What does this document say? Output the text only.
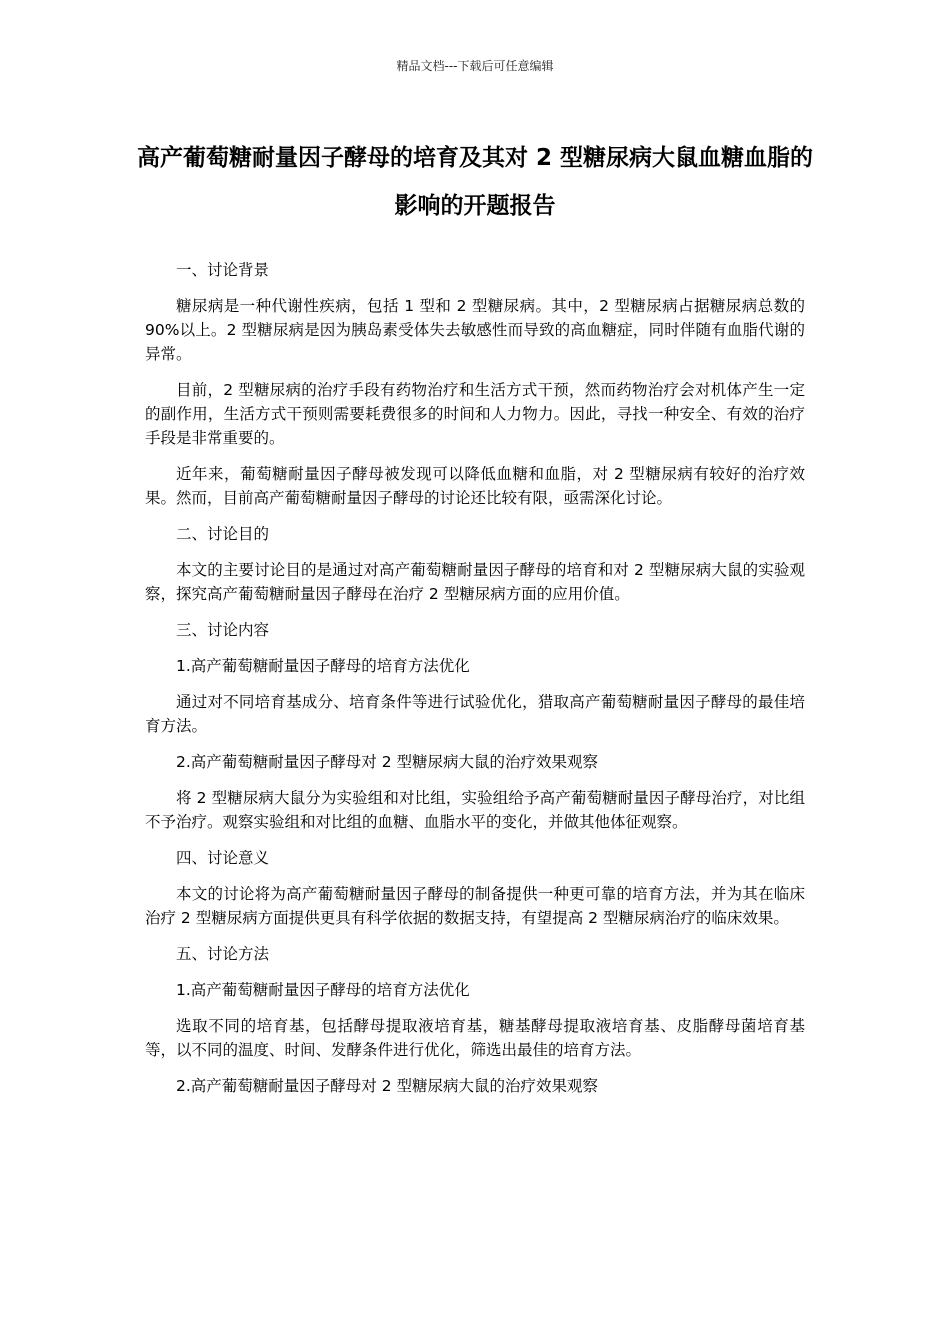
精品文档---下载后可任意编辑
高产葡萄糖耐量因子酵母的培育及其对 2 型糖尿病大鼠血糖血脂的影响的开题报告

一、讨论背景

糖尿病是一种代谢性疾病，包括 1 型和 2 型糖尿病。其中，2 型糖尿病占据糖尿病总数的 90%以上。2 型糖尿病是因为胰岛素受体失去敏感性而导致的高血糖症，同时伴随有血脂代谢的异常。

目前，2 型糖尿病的治疗手段有药物治疗和生活方式干预，然而药物治疗会对机体产生一定的副作用，生活方式干预则需要耗费很多的时间和人力物力。因此，寻找一种安全、有效的治疗手段是非常重要的。

近年来，葡萄糖耐量因子酵母被发现可以降低血糖和血脂，对 2 型糖尿病有较好的治疗效果。然而，目前高产葡萄糖耐量因子酵母的讨论还比较有限，亟需深化讨论。

二、讨论目的

本文的主要讨论目的是通过对高产葡萄糖耐量因子酵母的培育和对 2 型糖尿病大鼠的实验观察，探究高产葡萄糖耐量因子酵母在治疗 2 型糖尿病方面的应用价值。

三、讨论内容

1.高产葡萄糖耐量因子酵母的培育方法优化

通过对不同培育基成分、培育条件等进行试验优化，猎取高产葡萄糖耐量因子酵母的最佳培育方法。

2.高产葡萄糖耐量因子酵母对 2 型糖尿病大鼠的治疗效果观察

将 2 型糖尿病大鼠分为实验组和对比组，实验组给予高产葡萄糖耐量因子酵母治疗，对比组不予治疗。观察实验组和对比组的血糖、血脂水平的变化，并做其他体征观察。

四、讨论意义

本文的讨论将为高产葡萄糖耐量因子酵母的制备提供一种更可靠的培育方法，并为其在临床治疗 2 型糖尿病方面提供更具有科学依据的数据支持，有望提高 2 型糖尿病治疗的临床效果。

五、讨论方法

1.高产葡萄糖耐量因子酵母的培育方法优化

选取不同的培育基，包括酵母提取液培育基，糖基酵母提取液培育基、皮脂酵母菌培育基等，以不同的温度、时间、发酵条件进行优化，筛选出最佳的培育方法。

2.高产葡萄糖耐量因子酵母对 2 型糖尿病大鼠的治疗效果观察
